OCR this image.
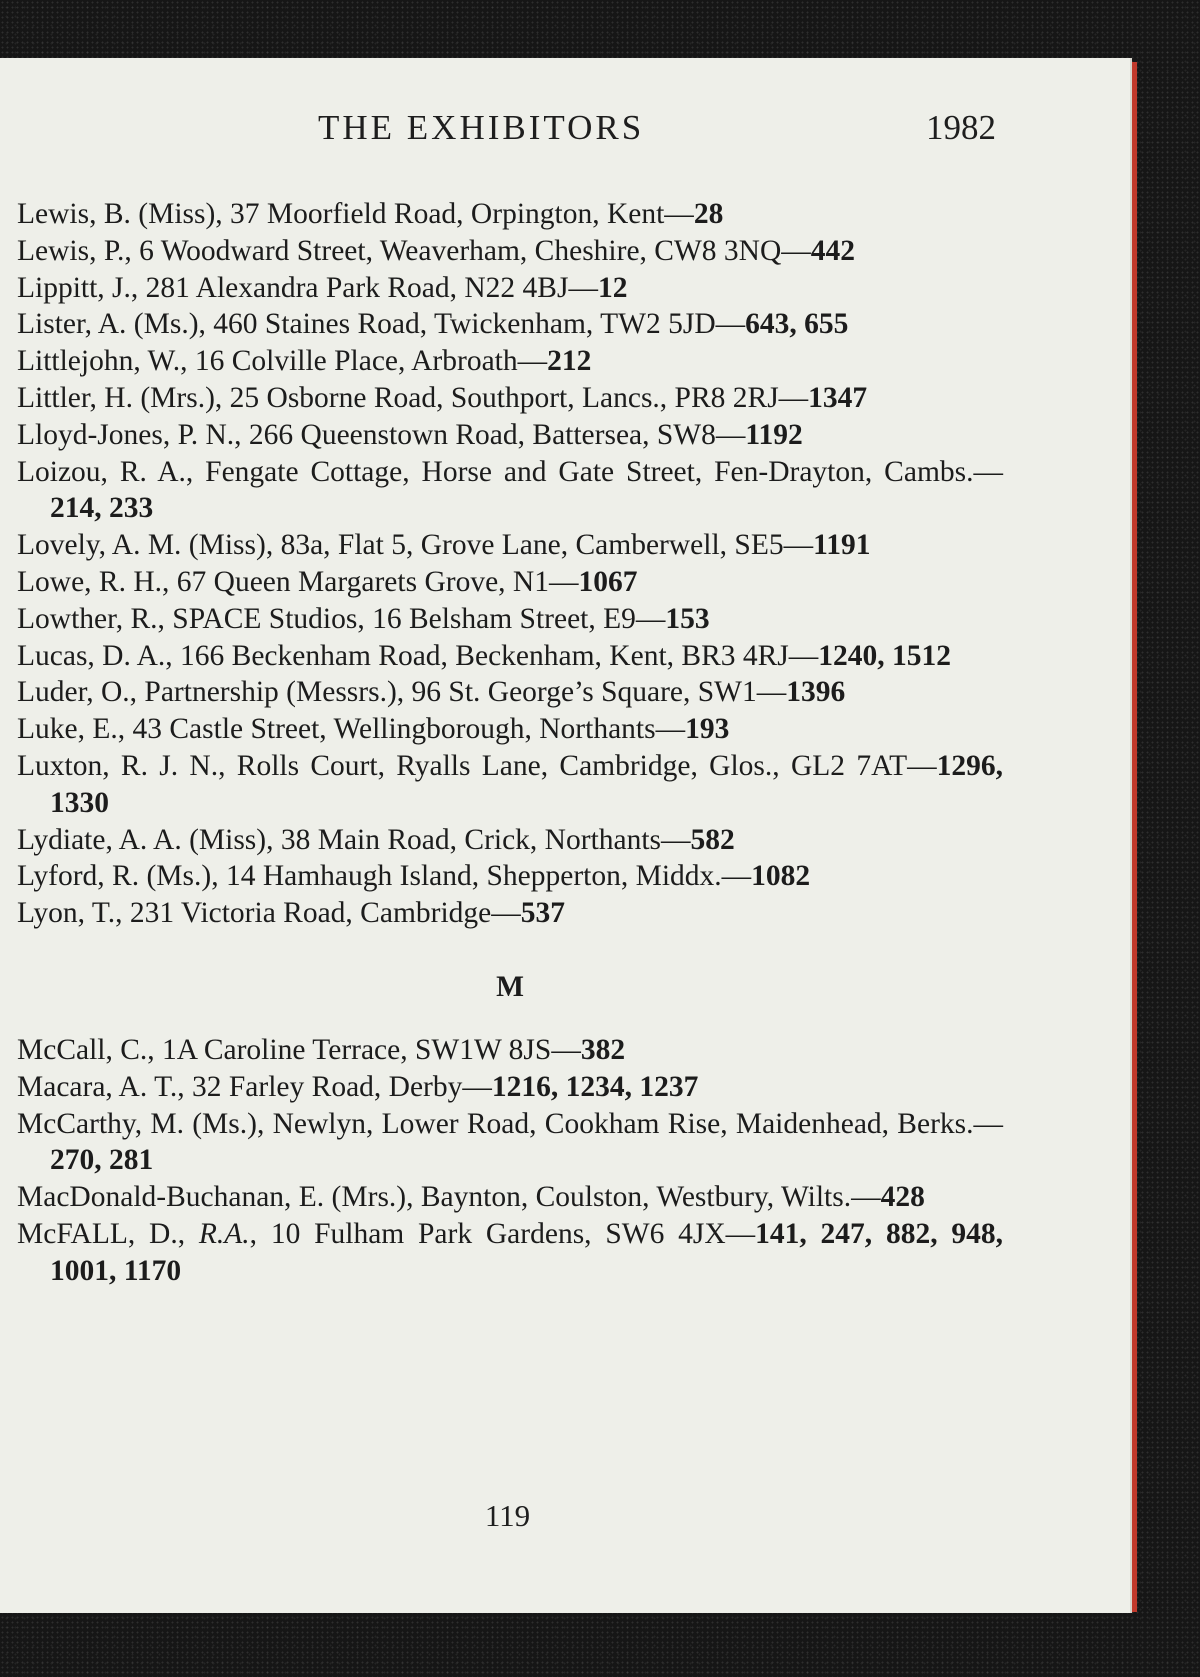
THE EXHIBITORS	1982
Lewis, B. (Miss), 37 Moorfield Road, Orpington, Kent—28
Lewis, P., 6 Woodward Street, Weaverham, Cheshire, CW8 3NQ—442
Lippitt, J., 281 Alexandra Park Road, N22 4BJ—12
Lister, A. (Ms.), 460 Staines Road, Twickenham, TW2 5JD—643, 655
Littlejohn, W., 16 Colville Place, Arbroath—212
Littler, H. (Mrs.), 25 Osborne Road, Southport, Lancs., PR8 2RJ—1347
Lloyd-Jones, P. N., 266 Queenstown Road, Battersea, SW8—1192
Loizou, R. A., Fengate Cottage, Horse and Gate Street, Fen-Drayton, Cambs.—214, 233
Lovely, A. M. (Miss), 83a, Flat 5, Grove Lane, Camberwell, SE5—1191
Lowe, R. H., 67 Queen Margarets Grove, N1—1067
Lowther, R., SPACE Studios, 16 Belsham Street, E9—153
Lucas, D. A., 166 Beckenham Road, Beckenham, Kent, BR3 4RJ—1240, 1512
Luder, O., Partnership (Messrs.), 96 St. George’s Square, SW1—1396
Luke, E., 43 Castle Street, Wellingborough, Northants—193
Luxton, R. J. N., Rolls Court, Ryalls Lane, Cambridge, Glos., GL2 7AT—1296, 1330
Lydiate, A. A. (Miss), 38 Main Road, Crick, Northants—582
Lyford, R. (Ms.), 14 Hamhaugh Island, Shepperton, Middx.—1082
Lyon, T., 231 Victoria Road, Cambridge—537
M
McCall, C., 1A Caroline Terrace, SW1W 8JS—382
Macara, A. T., 32 Farley Road, Derby—1216, 1234, 1237
McCarthy, M. (Ms.), Newlyn, Lower Road, Cookham Rise, Maidenhead, Berks.—270, 281
MacDonald-Buchanan, E. (Mrs.), Baynton, Coulston, Westbury, Wilts.—428
McFALL, D., R.A., 10 Fulham Park Gardens, SW6 4JX—141, 247, 882, 948, 1001, 1170
119
